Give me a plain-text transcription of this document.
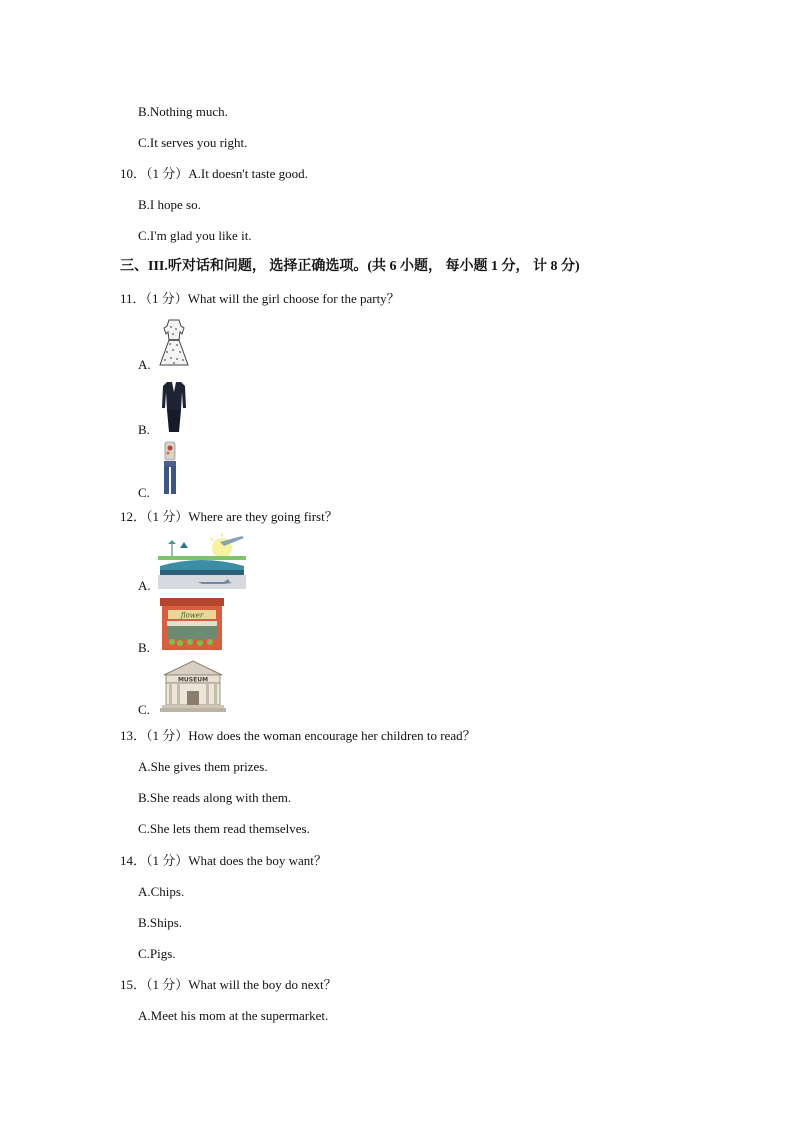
B.Nothing much.
C.It serves you right.
10．（1 分）A.It doesn't taste good.
B.I hope so.
C.I'm glad you like it.
三、III.听对话和问题， 选择正确选项。(共 6 小题， 每小题 1 分， 计 8 分)
11．（1 分）What will the girl choose for the party？
A.
B.
C.
12．（1 分）Where are they going first？
A.
B.
flower
C.
MUSEUM
13．（1 分）How does the woman encourage her children to read？
A.She gives them prizes.
B.She reads along with them.
C.She lets them read themselves.
14．（1 分）What does the boy want？
A.Chips.
B.Ships.
C.Pigs.
15．（1 分）What will the boy do next？
A.Meet his mom at the supermarket.
